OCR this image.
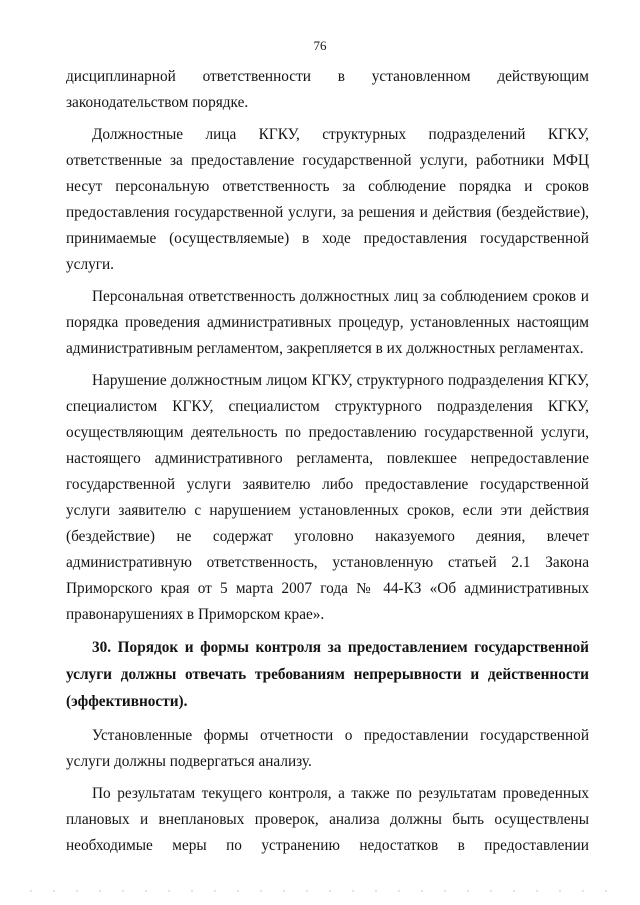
76

дисциплинарной ответственности в установленном действующим
законодательством порядке.

Должностные лица КГКУ, структурных подразделений КГКУ, ответственные за предоставление государственной услуги, работники МФЦ несут персональную ответственность за соблюдение порядка и сроков предоставления государственной услуги, за решения и действия (бездействие), принимаемые (осуществляемые) в ходе предоставления государственной услуги.

Персональная ответственность должностных лиц за соблюдением сроков и порядка проведения административных процедур, установленных настоящим административным регламентом, закрепляется в их должностных регламентах.

Нарушение должностным лицом КГКУ, структурного подразделения КГКУ, специалистом КГКУ, специалистом структурного подразделения КГКУ, осуществляющим деятельность по предоставлению государственной услуги, настоящего административного регламента, повлекшее непредоставление государственной услуги заявителю либо предоставление государственной услуги заявителю с нарушением установленных сроков, если эти действия (бездействие) не содержат уголовно наказуемого деяния, влечет административную ответственность, установленную статьей 2.1 Закона Приморского края от 5 марта 2007 года № 44-КЗ «Об административных правонарушениях в Приморском крае».

30. Порядок и формы контроля за предоставлением государственной услуги должны отвечать требованиям непрерывности и действенности (эффективности).

Установленные формы отчетности о предоставлении государственной услуги должны подвергаться анализу.

По результатам текущего контроля, а также по результатам проведенных плановых и внеплановых проверок, анализа должны быть осуществлены
необходимые меры по устранению недостатков в предоставлении
